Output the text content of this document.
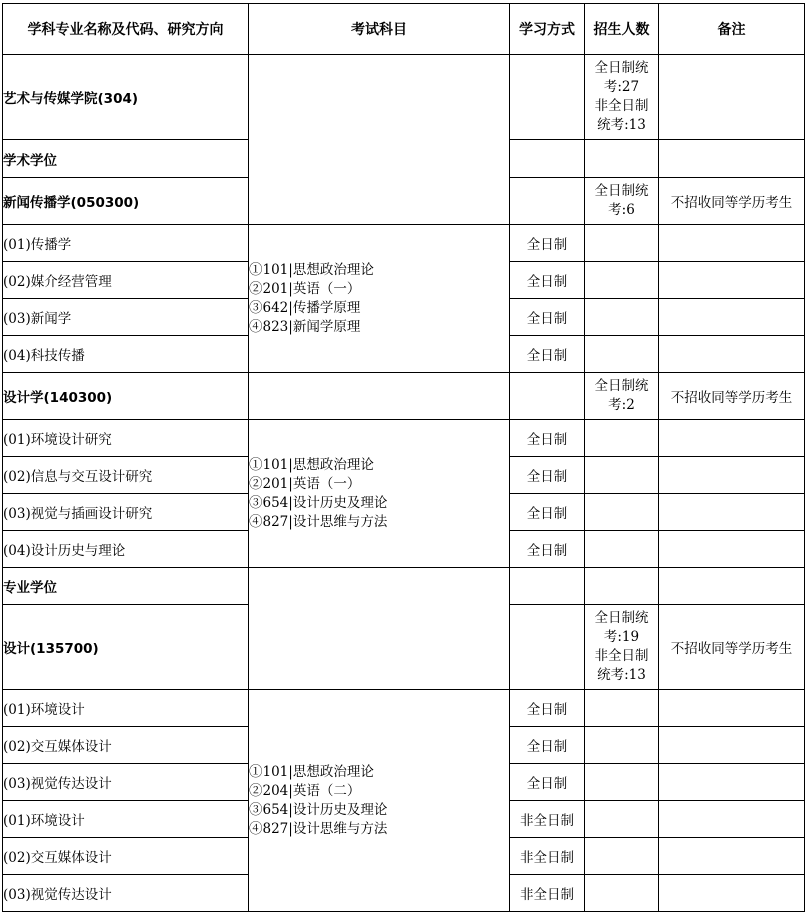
学科专业名称及代码、研究方向	考试科目	学习方式	招生人数	备注
艺术与传媒学院(304)			全日制统
考:27
非全日制
统考:13	

学术学位				
新闻传播学(050300)			全日制统
考:6	不招收同等学历考生
(01)传播学	①101|思想政治理论
②201|英语（一）
③642|传播学原理
④823|新闻学原理	全日制		
(02)媒介经营管理		全日制		
(03)新闻学		全日制		
(04)科技传播		全日制		
设计学(140300)			全日制统
考:2	不招收同等学历考生
(01)环境设计研究	①101|思想政治理论
②201|英语（一）
③654|设计历史及理论
④827|设计思维与方法	全日制		
(02)信息与交互设计研究		全日制		
(03)视觉与插画设计研究		全日制		
(04)设计历史与理论		全日制		
专业学位				
设计(135700)			全日制统
考:19
非全日制
统考:13	不招收同等学历考生
(01)环境设计	①101|思想政治理论
②204|英语（二）
③654|设计历史及理论
④827|设计思维与方法	全日制		
(02)交互媒体设计		全日制		
(03)视觉传达设计		全日制		
(01)环境设计		非全日制		
(02)交互媒体设计		非全日制		
(03)视觉传达设计		非全日制		
